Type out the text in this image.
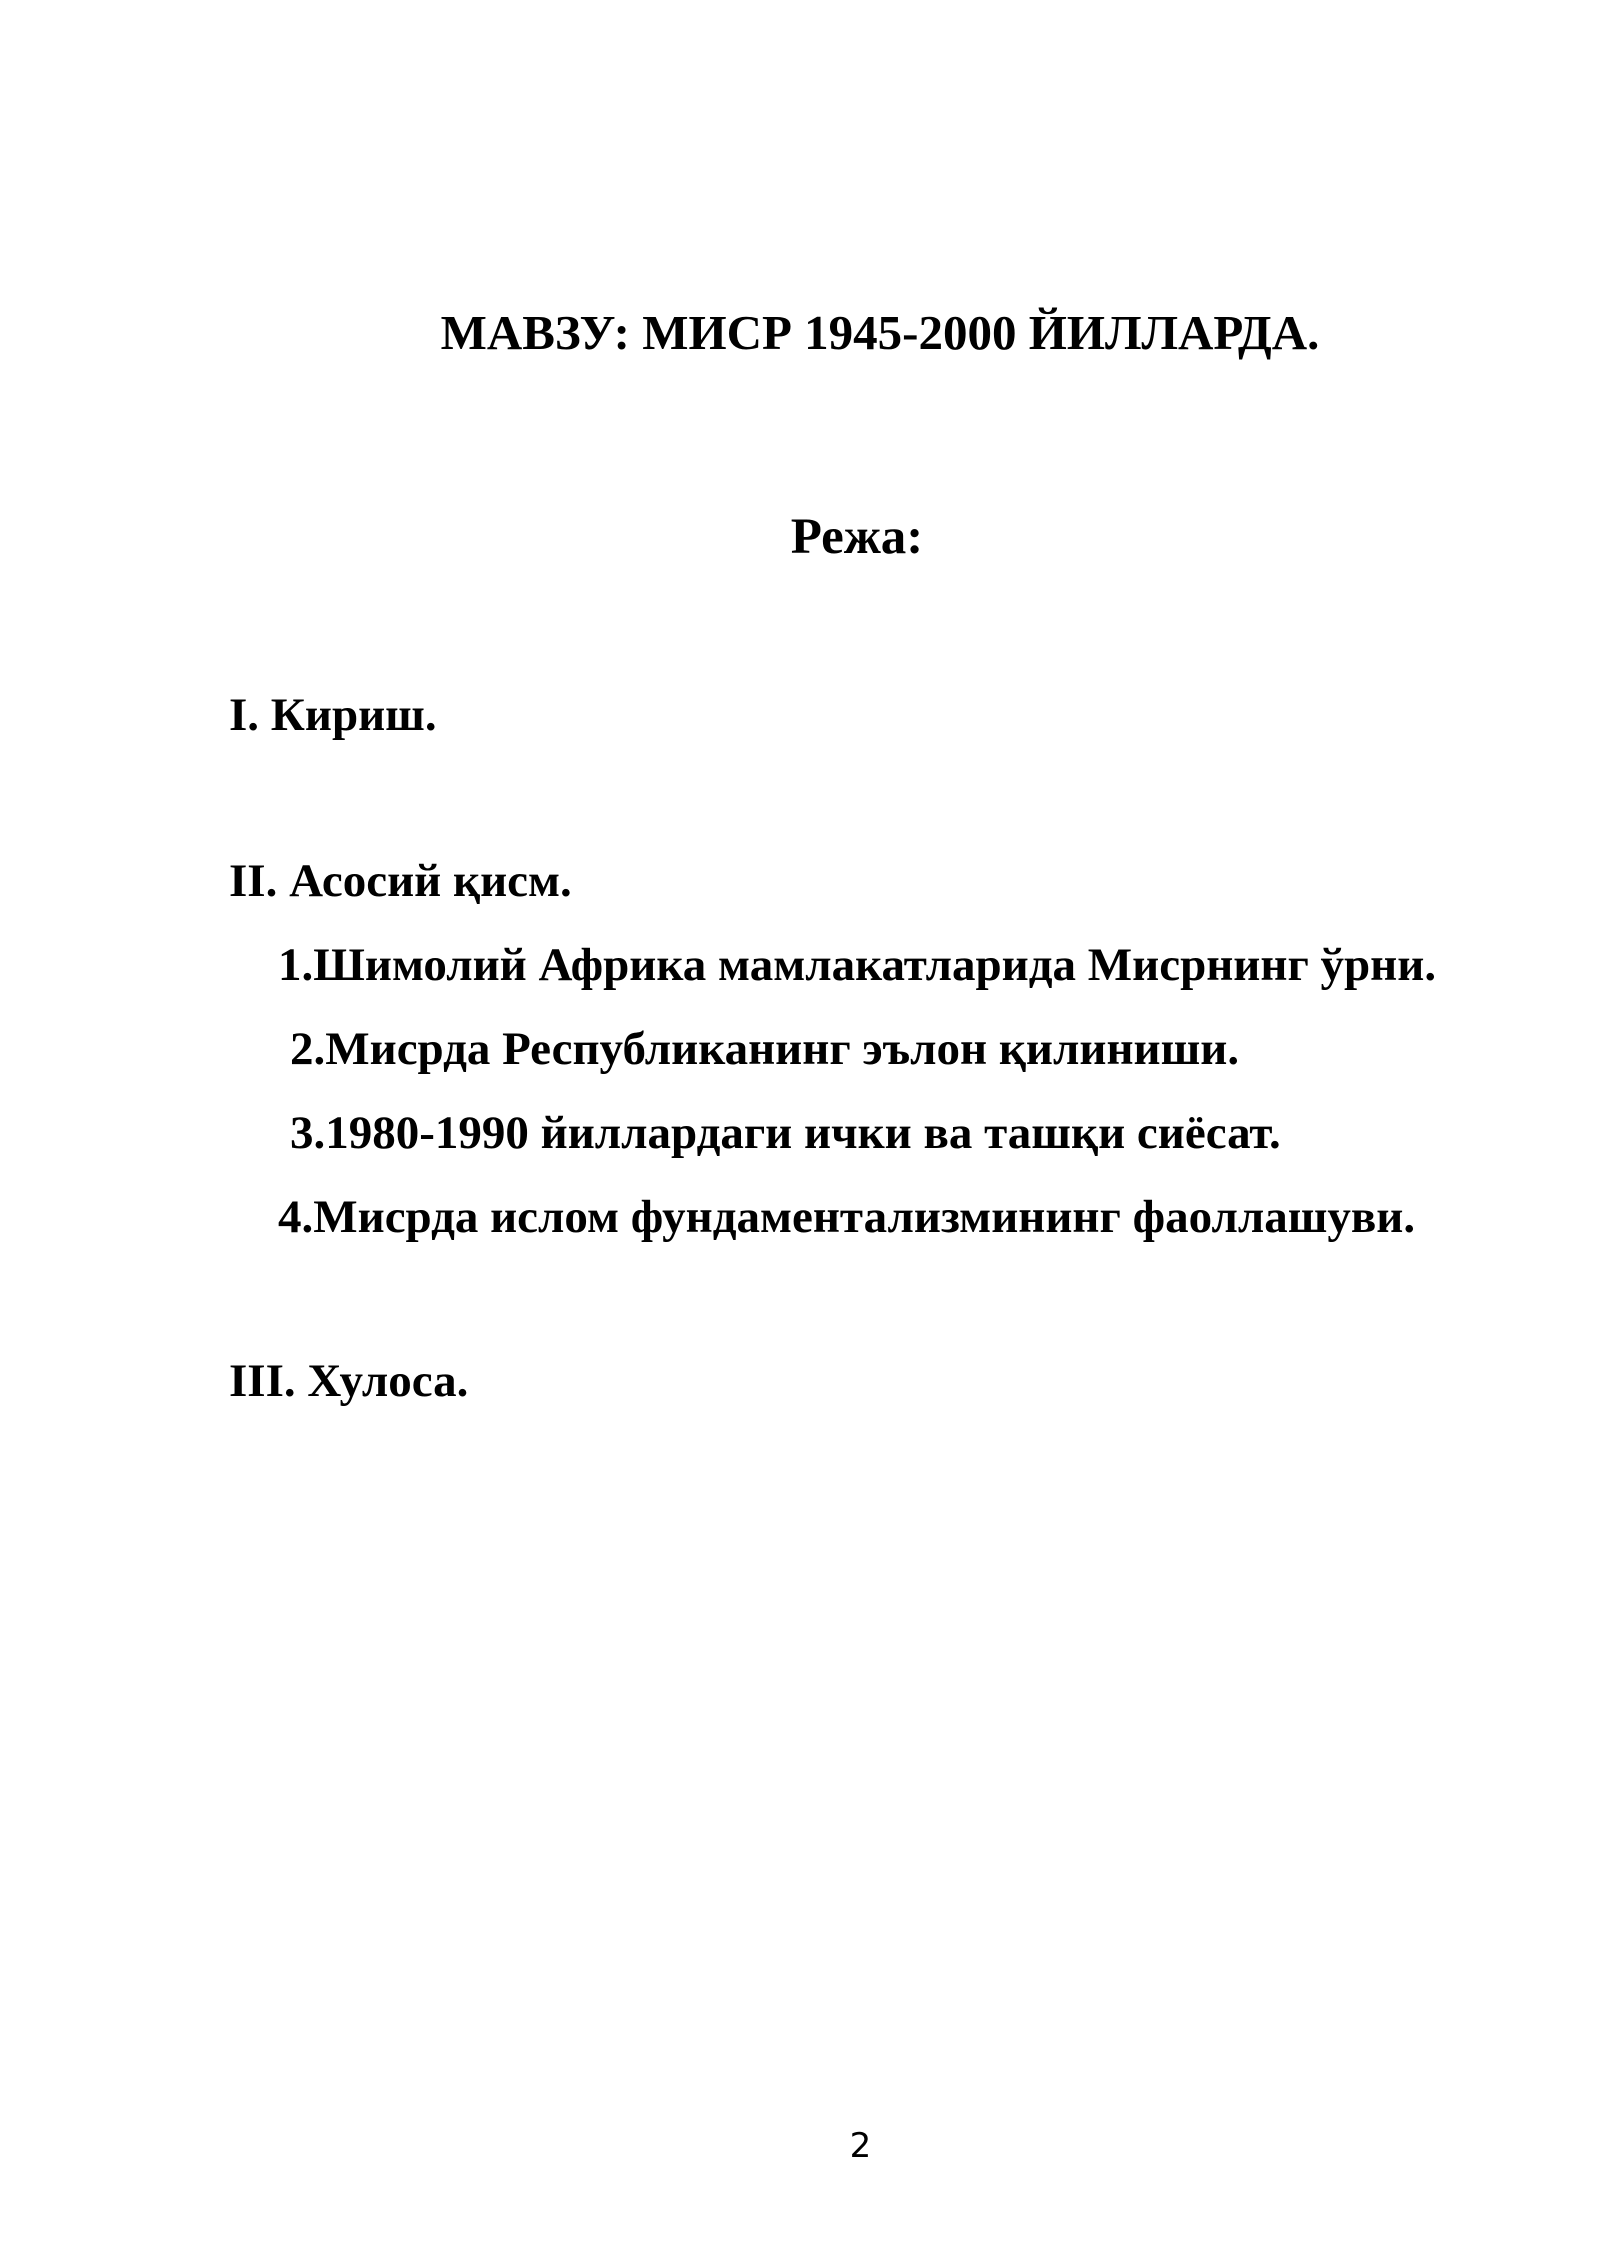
МАВЗУ: МИСР 1945-2000 ЙИЛЛАРДА.
Режа:

I. Кириш.

II. Асосий қисм.

1.Шимолий Африка мамлакатларида Мисрнинг ўрни.

2.Мисрда Республиканинг эълон қилиниши.

3.1980-1990 йиллардаги ички ва ташқи сиёсат.

4.Мисрда ислом фундаментализмининг фаоллашуви.

III. Хулоса.

2
